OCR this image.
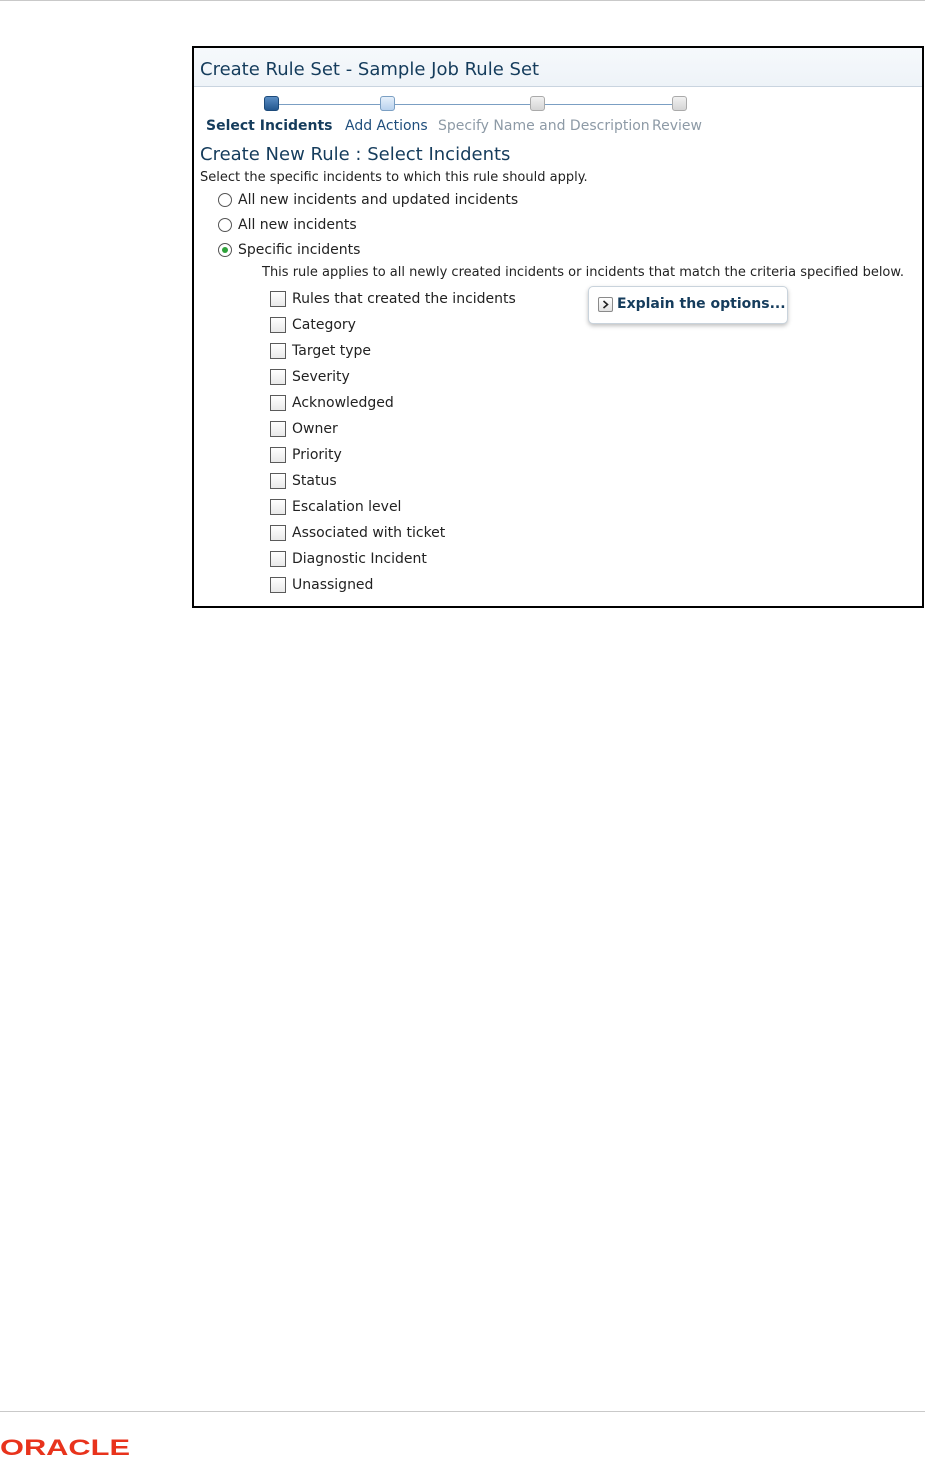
Create Rule Set - Sample Job Rule Set
Select Incidents Add Actions Specify Name and Description Review
Create New Rule : Select Incidents
Select the specific incidents to which this rule should apply.
All new incidents and updated incidents
All new incidents
Specific incidents
This rule applies to all newly created incidents or incidents that match the criteria specified below.
Rules that created the incidents
Category
Target type
Severity
Acknowledged
Owner
Priority
Status
Escalation level
Associated with ticket
Diagnostic Incident
Unassigned
Explain the options...
ORACLE
